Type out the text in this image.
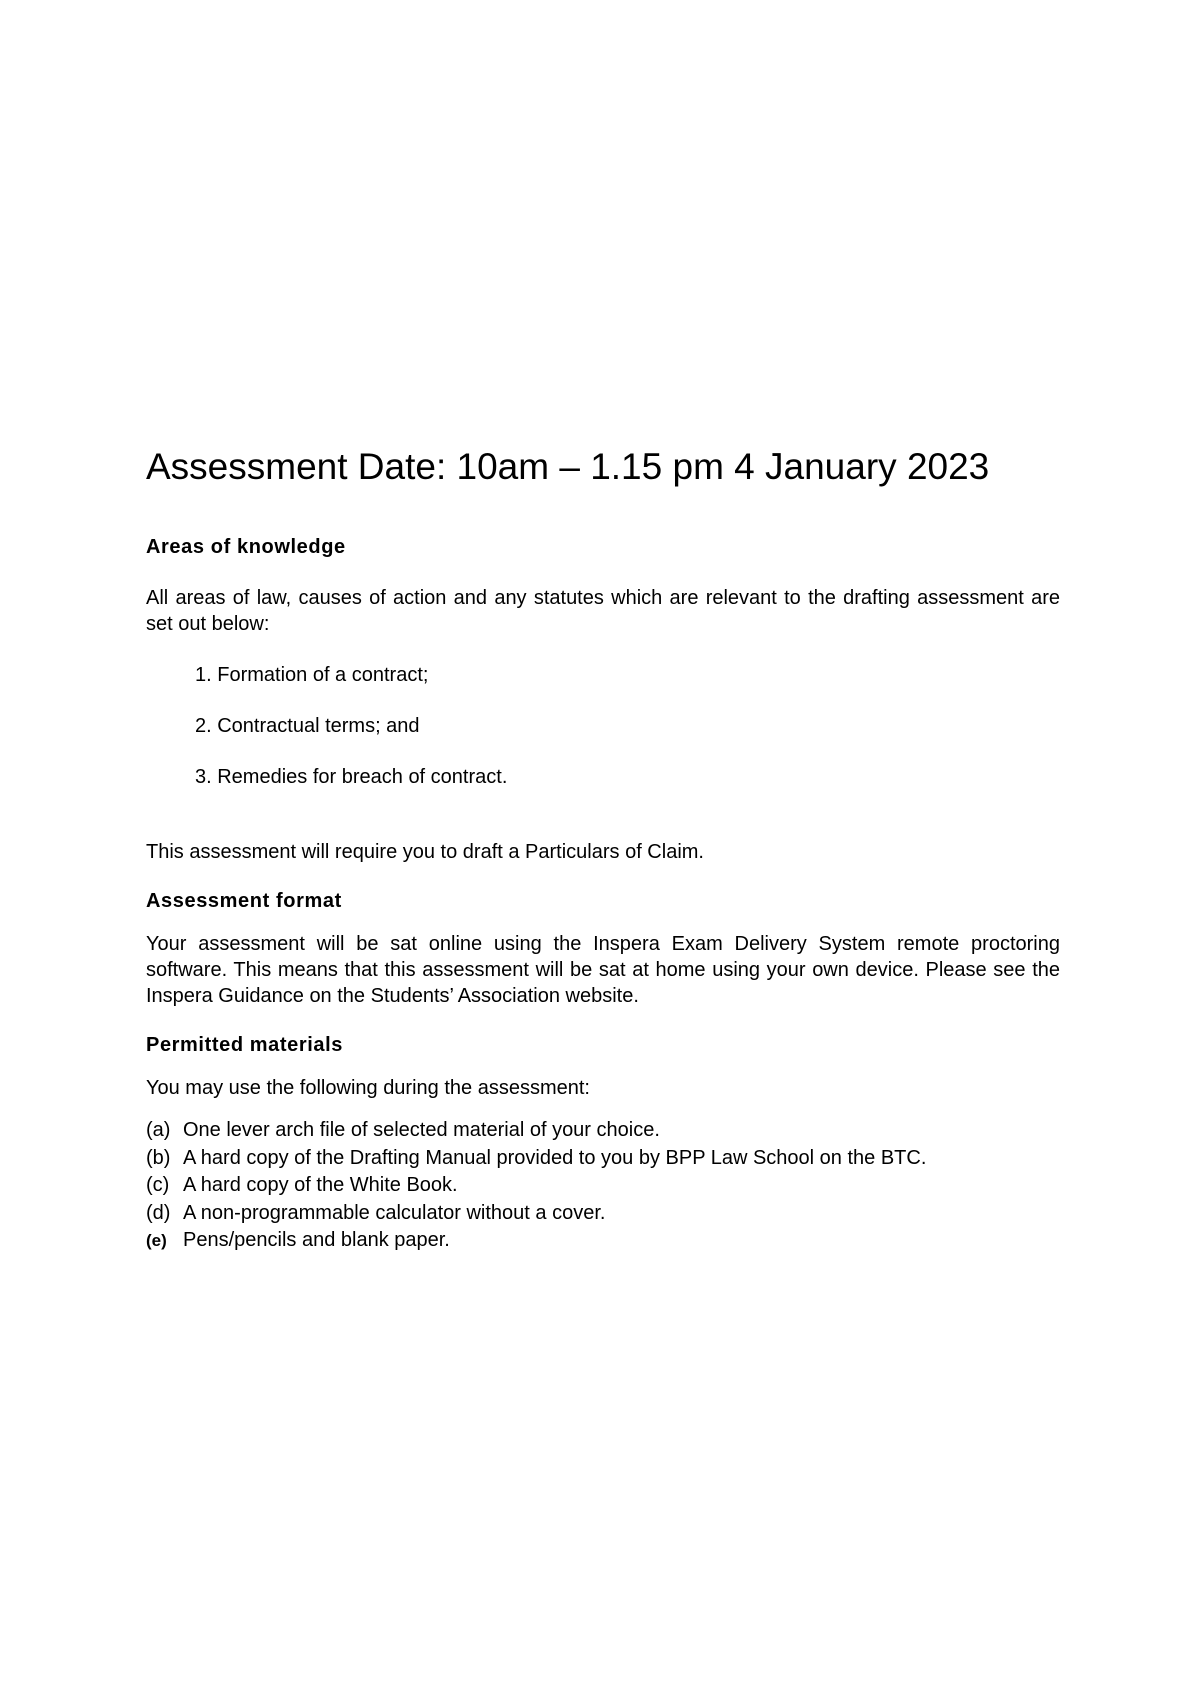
Assessment Date: 10am – 1.15 pm 4 January 2023
Areas of knowledge

All areas of law, causes of action and any statutes which are relevant to the drafting assessment are set out below:

1. Formation of a contract;
2. Contractual terms; and
3. Remedies for breach of contract.

This assessment will require you to draft a Particulars of Claim.

Assessment format

Your assessment will be sat online using the Inspera Exam Delivery System remote proctoring software. This means that this assessment will be sat at home using your own device. Please see the Inspera Guidance on the Students’ Association website.

Permitted materials

You may use the following during the assessment:

(a) One lever arch file of selected material of your choice.
(b) A hard copy of the Drafting Manual provided to you by BPP Law School on the BTC.
(c) A hard copy of the White Book.
(d) A non-programmable calculator without a cover.
(e) Pens/pencils and blank paper.
